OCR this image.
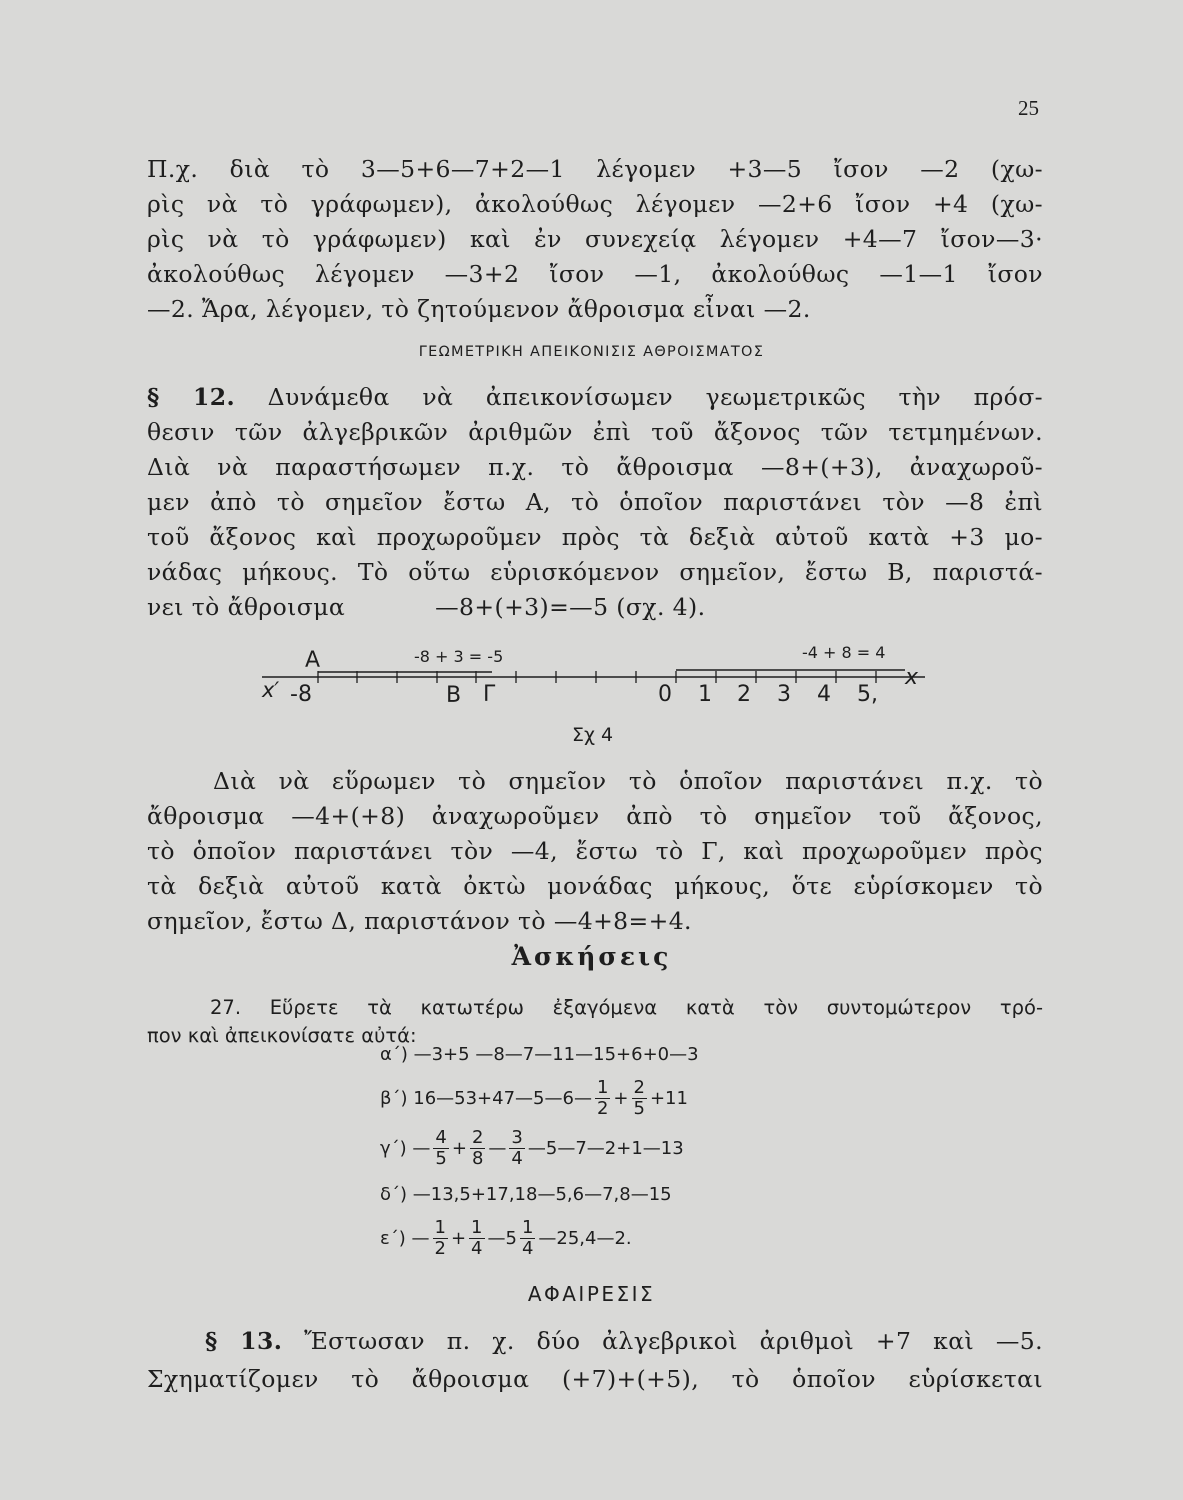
25
Π.χ. διὰ τὸ 3—5+6—7+2—1 λέγομεν +3—5 ἴσον —2 (χω-
ρὶς νὰ τὸ γράφωμεν), ἀκολούθως λέγομεν —2+6 ἴσον +4 (χω-
ρὶς νὰ τὸ γράφωμεν) καὶ ἐν συνεχείᾳ λέγομεν +4—7 ἴσον—3·
ἀκολούθως λέγομεν —3+2 ἴσον —1, ἀκολούθως —1—1 ἴσον
—2. Ἄρα, λέγομεν, τὸ ζητούμενον ἄθροισμα εἶναι —2.
ΓΕΩΜΕΤΡΙΚΗ ΑΠΕΙΚΟΝΙΣΙΣ ΑΘΡΟΙΣΜΑΤΟΣ
§ 12. Δυνάμεθα νὰ ἀπεικονίσωμεν γεωμετρικῶς τὴν πρόσ-
θεσιν τῶν ἀλγεβρικῶν ἀριθμῶν ἐπὶ τοῦ ἄξονος τῶν τετμημένων.
Διὰ νὰ παραστήσωμεν π.χ. τὸ ἄθροισμα —8+(+3), ἀναχωροῦ-
μεν ἀπὸ τὸ σημεῖον ἔστω Α, τὸ ὁποῖον παριστάνει τὸν —8 ἐπὶ
τοῦ ἄξονος καὶ προχωροῦμεν πρὸς τὰ δεξιὰ αὐτοῦ κατὰ +3 μο-
νάδας μήκους. Τὸ οὕτω εὑρισκόμενον σημεῖον, ἔστω Β, παριστά-
νει τὸ ἄθροισμα	—8+(+3)=—5 (σχ. 4).
Α	-8 + 3 = -5	-4 + 8 = 4
x′ -8	Β Γ	0 1 2 3 4 5,
x
Σχ 4
Διὰ νὰ εὕρωμεν τὸ σημεῖον τὸ ὁποῖον παριστάνει π.χ. τὸ
ἄθροισμα —4+(+8) ἀναχωροῦμεν ἀπὸ τὸ σημεῖον τοῦ ἄξονος,
τὸ ὁποῖον παριστάνει τὸν —4, ἔστω τὸ Γ, καὶ προχωροῦμεν πρὸς
τὰ δεξιὰ αὐτοῦ κατὰ ὀκτὼ μονάδας μήκους, ὅτε εὑρίσκομεν τὸ
σημεῖον, ἔστω Δ, παριστάνον τὸ —4+8=+4.
Ἀσκήσεις
27. Εὕρετε τὰ κατωτέρω ἐξαγόμενα κατὰ τὸν συντομώτερον τρό-
πον καὶ ἀπεικονίσατε αὐτά:
α΄) —3+5 —8—7—11—15+6+0—3
β΄)
16—53+47—5—6— $\frac{1}{2} + \frac{2}{5} +11$
γ΄)
— $\frac{4}{5} + \frac{2}{8}$ — $\frac{3}{4}$ —5—7—2+1—13
δ΄) —13,5+17,18—5,6—7,8—15
ε΄)
— $\frac{1}{2} + \frac{1}{4}$ —5 $\frac{1}{4}$ —25,4—2.
ΑΦΑΙΡΕΣΙΣ
§ 13. Ἔστωσαν π. χ. δύο ἀλγεβρικοὶ ἀριθμοὶ +7 καὶ —5.
Σχηματίζομεν τὸ ἄθροισμα (+7)+(+5), τὸ ὁποῖον εὑρίσκεται
